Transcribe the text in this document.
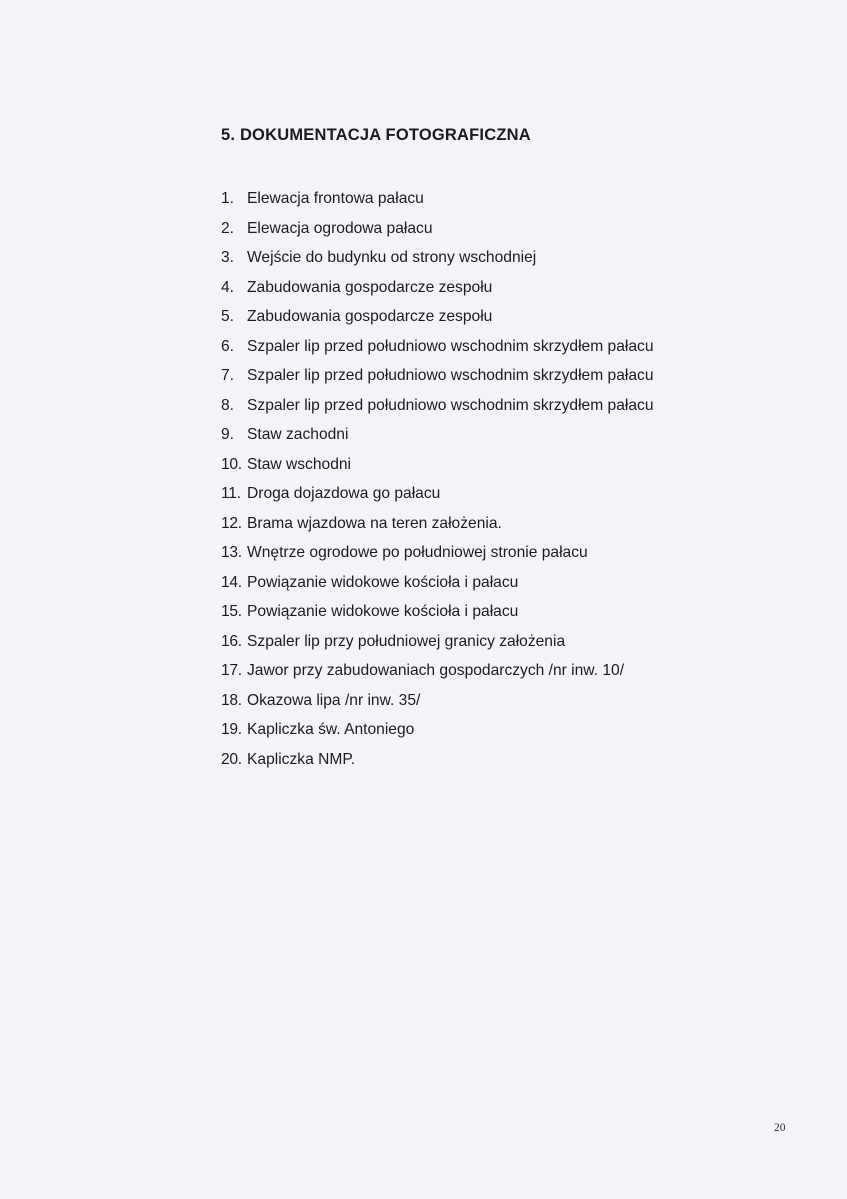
5. DOKUMENTACJA FOTOGRAFICZNA
1. Elewacja frontowa pałacu
2. Elewacja ogrodowa pałacu
3. Wejście do budynku od strony wschodniej
4. Zabudowania gospodarcze zespołu
5. Zabudowania gospodarcze zespołu
6. Szpaler lip przed południowo wschodnim skrzydłem pałacu
7. Szpaler lip przed południowo wschodnim skrzydłem pałacu
8. Szpaler lip przed południowo wschodnim skrzydłem pałacu
9. Staw zachodni
10. Staw wschodni
11. Droga dojazdowa go pałacu
12. Brama wjazdowa na teren założenia.
13. Wnętrze ogrodowe po południowej stronie pałacu
14. Powiązanie widokowe kościoła i pałacu
15. Powiązanie widokowe kościoła i pałacu
16. Szpaler lip przy południowej granicy założenia
17. Jawor przy zabudowaniach gospodarczych /nr inw. 10/
18. Okazowa lipa /nr inw. 35/
19. Kapliczka św. Antoniego
20. Kapliczka NMP.
20
